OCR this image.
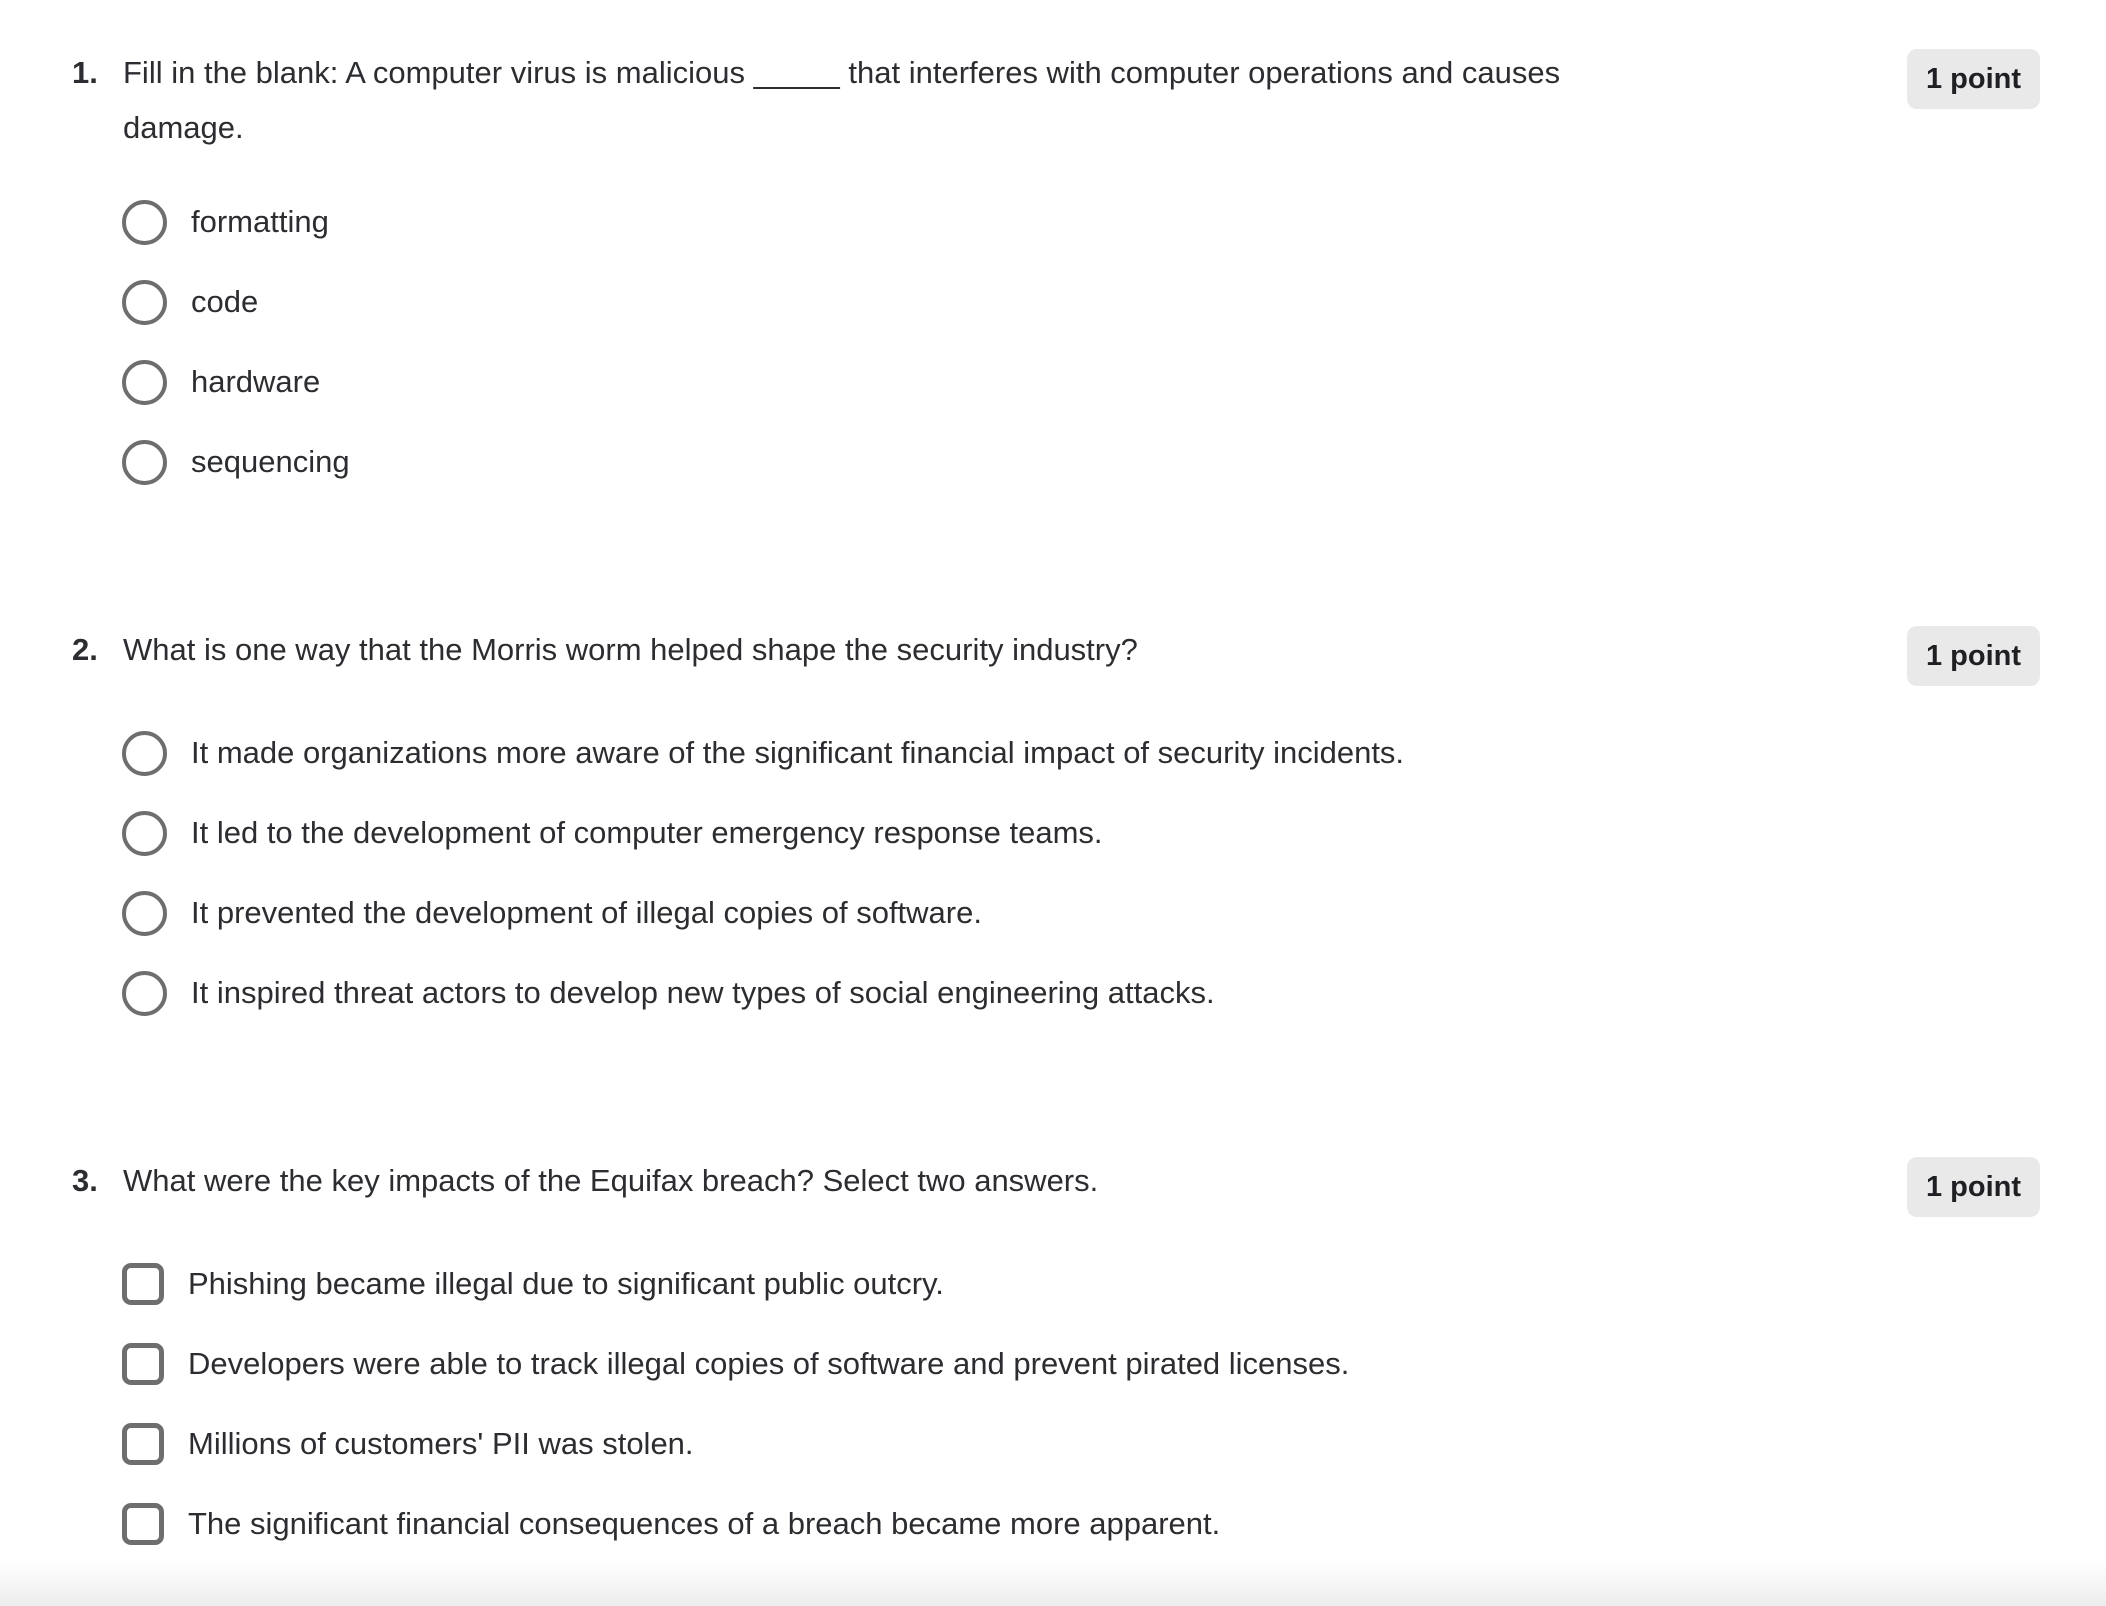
1. Fill in the blank: A computer virus is malicious _____ that interferes with computer operations and causes damage.
1 point
formatting
code
hardware
sequencing
2. What is one way that the Morris worm helped shape the security industry?	1 point
It made organizations more aware of the significant financial impact of security incidents.
It led to the development of computer emergency response teams.
It prevented the development of illegal copies of software.
It inspired threat actors to develop new types of social engineering attacks.
3. What were the key impacts of the Equifax breach? Select two answers.	1 point
Phishing became illegal due to significant public outcry.
Developers were able to track illegal copies of software and prevent pirated licenses.
Millions of customers' PII was stolen.
The significant financial consequences of a breach became more apparent.
